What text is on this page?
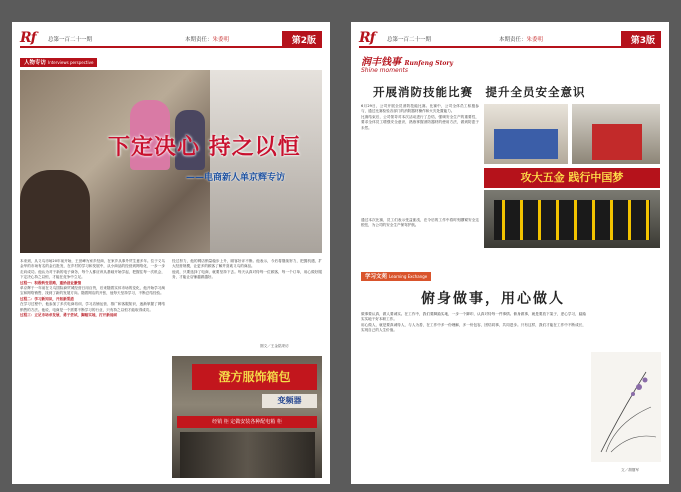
Rf 总第一百二十一期	本期责任：朱委明	第2版
人物专访 Interviews perspective
下定决心 持之以恒
——电商新人单京辉专访

本来到，从义乌市场20年前开始，王世峰为家乡经商，在家乡从事外贸生意多年。位于义乌金华的市场有名的金石批发，在乡村的学习和发展中，从小商品的经营到网络化，一步一步走向成功。他认为对于新的电子商务，每个人都应该从基础开始学起，把握住每一次机会，下定决心持之以恒，才能在竞争中立足。

过程一：积极转变思路，重拾创业激情

单京辉于一年前在义乌国际商贸城经营日用百货，后来随着实体市场的变化，他开始学习淘宝和网络销售，找到了新的发展方向。随着网店的开张，他每天坚持学习，不断总结经验。

过程二：学习新知识，开拓新渠道

在学习过程中，他参加了多次电商培训，学习店铺运营、推广和客服知识，逐渐掌握了网络销售的方法。他说，电商是一个需要不断学习的行业，只有持之以恒才能取得成功。

过程三：立足市场求发展，勇于尝试，脚踏实地，打开新局面

经过努力，他的网店销量稳步上升，顾客好评不断。他表示，今后将继续努力，把握机遇，扩大经营规模，让更多的顾客了解并喜欢义乌的商品。

他说，只要选择了电商，就要坚持下去。每天认真对待每一位顾客，每一个订单，用心做好服务，才能让店铺越做越好。

图文／王金铭采访
澄方服饰箱包
变频器
经销 柜 定做安装各种配电箱 柜
Rf 总第一百二十一期	本期责任：朱委明	第3版
润丰钱事 Runfeng Story
Shine moments
开展消防技能比赛　提升全员安全意识

6月29日，公司开展全员消防技能比赛。比赛中，公司全体员工积极参与，通过比赛检验各部门的消防器材操作和火灾处置能力。

比赛结束后，公司领导对本次活动进行了总结，强调安全生产的重要性，要求全体员工增强安全意识，熟练掌握消防器材的使用方法，做到防患于未然。

攻大五金 践行中国梦

通过本次比赛，员工们表示受益匪浅，在今后的工作中将时刻绷紧安全这根弦，为公司的安全生产保驾护航。

学习文苑 Learning Exchange
俯身做事，用心做人

做事要认真，做人要诚实。在工作中，我们要脚踏实地，一步一个脚印，认真对待每一件事情。俯身做事，就是要放下架子，虚心学习，踏踏实实地干好本职工作。

用心做人，就是要真诚待人，与人为善，在工作中多一份理解，多一份包容，团结同事，共同进步。只有这样，我们才能在工作中不断成长，实现自己的人生价值。

文／胡继军
